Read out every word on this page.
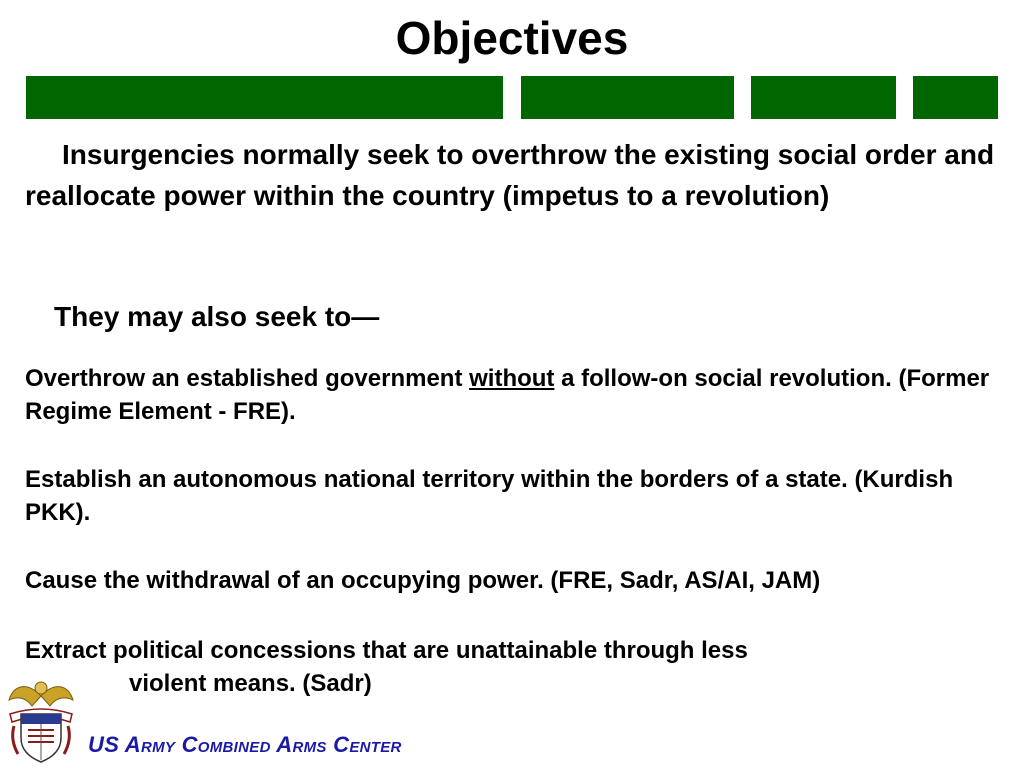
Objectives

Insurgencies normally seek to overthrow the existing social order and reallocate power within the country (impetus to a revolution)

They may also seek to—

Overthrow an established government without a follow-on social revolution. (Former Regime Element - FRE).

Establish an autonomous national territory within the borders of a state. (Kurdish PKK).

Cause the withdrawal of an occupying power. (FRE, Sadr, AS/AI, JAM)

Extract political concessions that are unattainable through less
violent means. (Sadr)

US Army Combined Arms Center
